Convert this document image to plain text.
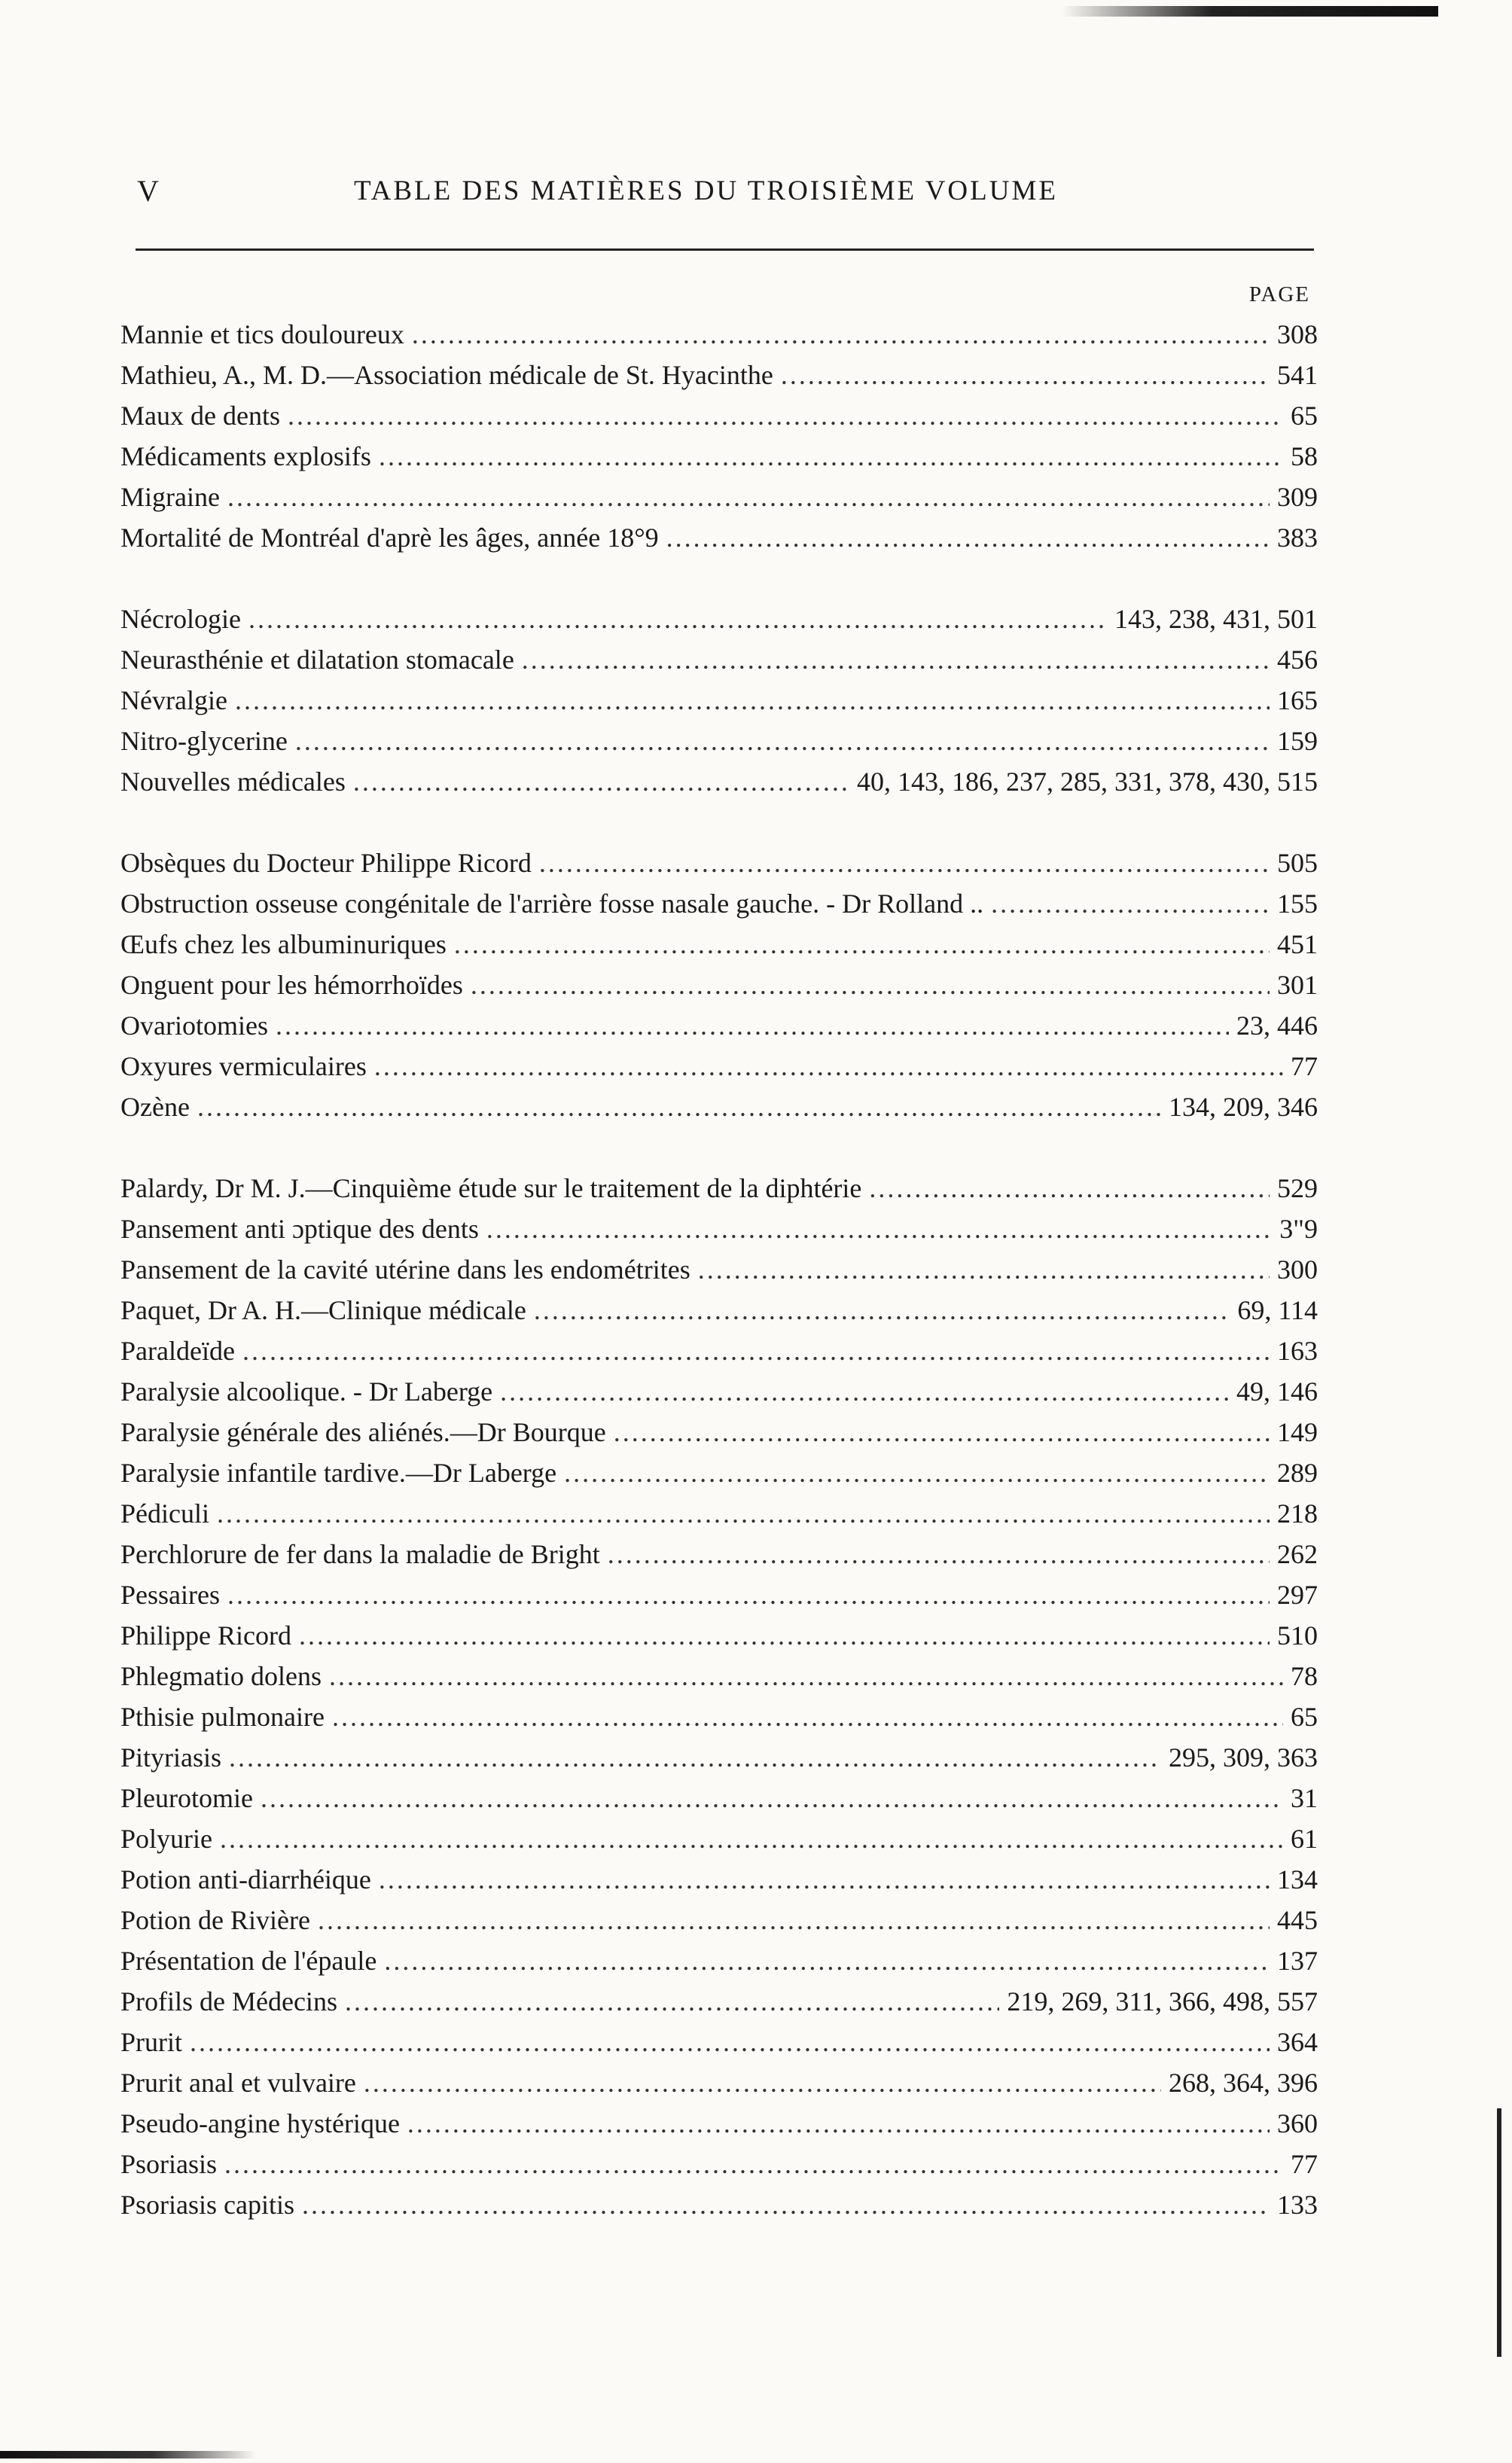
V	TABLE DES MATIÈRES DU TROISIÈME VOLUME
PAGE
Mannie et tics douloureux .....	308
Mathieu, A., M. D.—Association médicale de St. Hyacinthe .....	541
Maux de dents .....	65
Médicaments explosifs .....	58
Migraine .....	309
Mortalité de Montréal d'aprè les âges, année 18°9 .....	383
Nécrologie .....	143, 238, 431, 501
Neurasthénie et dilatation stomacale .....	456
Névralgie .....	165
Nitro-glycerine .....	159
Nouvelles médicales .....	40, 143, 186, 237, 285, 331, 378, 430, 515
Obsèques du Docteur Philippe Ricord .....	505
Obstruction osseuse congénitale de l'arrière fosse nasale gauche. - Dr Rolland .. .....	155
Œufs chez les albuminuriques .....	451
Onguent pour les hémorrhoïdes .....	301
Ovariotomies .....	23, 446
Oxyures vermiculaires .....	77
Ozène .....	134, 209, 346
Palardy, Dr M. J.—Cinquième étude sur le traitement de la diphtérie .....	529
Pansement anti ɔptique des dents .....	3"9
Pansement de la cavité utérine dans les endométrites .....	300
Paquet, Dr A. H.—Clinique médicale .....	69, 114
Paraldeïde .....	163
Paralysie alcoolique. - Dr Laberge .....	49, 146
Paralysie générale des aliénés.—Dr Bourque .....	149
Paralysie infantile tardive.—Dr Laberge .....	289
Pédiculi .....	218
Perchlorure de fer dans la maladie de Bright .....	262
Pessaires .....	297
Philippe Ricord .....	510
Phlegmatio dolens .....	78
Pthisie pulmonaire .....	65
Pityriasis .....	295, 309, 363
Pleurotomie .....	31
Polyurie .....	61
Potion anti-diarrhéique .....	134
Potion de Rivière .....	445
Présentation de l'épaule .....	137
Profils de Médecins .....	219, 269, 311, 366, 498, 557
Prurit .....	364
Prurit anal et vulvaire .....	268, 364, 396
Pseudo-angine hystérique .....	360
Psoriasis .....	77
Psoriasis capitis .....	133
